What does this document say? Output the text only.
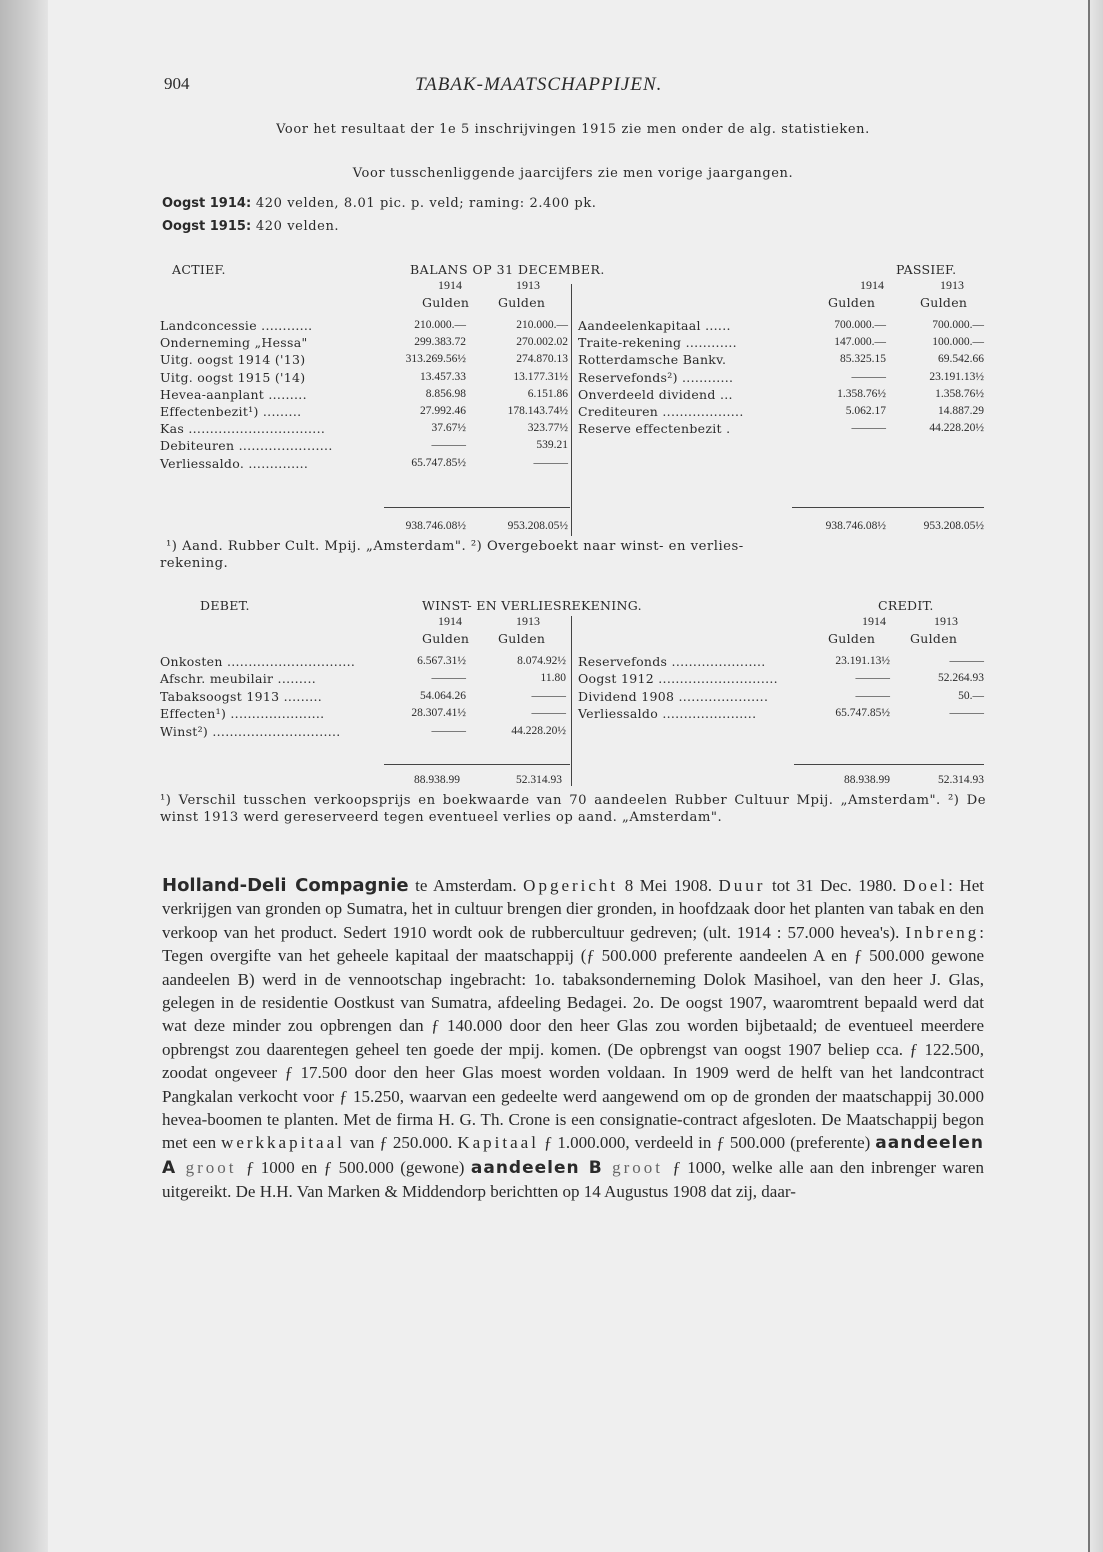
904	TABAK-MAATSCHAPPIJEN.
Voor het resultaat der 1e 5 inschrijvingen 1915 zie men onder de alg. statistieken.
Voor tusschenliggende jaarcijfers zie men vorige jaargangen.
Oogst 1914: 420 velden, 8.01 pic. p. veld; raming: 2.400 pk.
Oogst 1915: 420 velden.
ACTIEF.	BALANS OP 31 DECEMBER.	PASSIEF.
1914	1913
Gulden Gulden
1914	1913
Gulden	Gulden
Landconcessie ............	210.000.—	210.000.—
Onderneming „Hessa"	299.383.72	270.002.02
Uitg. oogst 1914 ('13)	313.269.56½	274.870.13
Uitg. oogst 1915 ('14)	13.457.33	13.177.31½
Hevea-aanplant .........	8.856.98	6.151.86
Effectenbezit¹) .........	27.992.46	178.143.74½
Kas ................................	37.67½	323.77½
Debiteuren ......................	———	539.21
Verliessaldo. ..............	65.747.85½	———
Aandeelenkapitaal ......	700.000.—	700.000.—
Traite-rekening ............	147.000.—	100.000.—
Rotterdamsche Bankv.	85.325.15	69.542.66
Reservefonds²) ............	———	23.191.13½
Onverdeeld dividend ...	1.358.76½	1.358.76½
Crediteuren ...................	5.062.17	14.887.29
Reserve effectenbezit .	———	44.228.20½
938.746.08½	953.208.05½	938.746.08½	953.208.05½
¹) Aand. Rubber Cult. Mpij. „Amsterdam". ²) Overgeboekt naar winst- en verlies-
rekening.
DEBET.	WINST- EN VERLIESREKENING.	CREDIT.
1914	1913
Gulden Gulden
1914	1913
Gulden	Gulden
Onkosten ..............................	6.567.31½	8.074.92½
Afschr. meubilair .........	———	11.80
Tabaksoogst 1913 .........	54.064.26	———
Effecten¹) ......................	28.307.41½	———
Winst²) ..............................	———	44.228.20½
Reservefonds ......................	23.191.13½	———
Oogst 1912 ............................	———	52.264.93
Dividend 1908 .....................	———	50.—
Verliessaldo ......................	65.747.85½	———
88.938.99	52.314.93	88.938.99	52.314.93
¹) Verschil tusschen verkoopsprijs en boekwaarde van 70 aandeelen Rubber Cultuur Mpij. „Amsterdam". ²) De winst 1913 werd gereserveerd tegen eventueel verlies op aand. „Amsterdam".
Holland-Deli Compagnie te Amsterdam. Opgericht 8 Mei 1908. Duur tot 31 Dec. 1980. Doel: Het verkrijgen van gronden op Sumatra, het in cultuur brengen dier gronden, in hoofdzaak door het planten van tabak en den verkoop van het product. Sedert 1910 wordt ook de rubbercultuur gedreven; (ult. 1914 : 57.000 hevea's). Inbreng: Tegen overgifte van het geheele kapitaal der maatschappij (ƒ 500.000 preferente aandeelen A en ƒ 500.000 gewone aandeelen B) werd in de vennootschap ingebracht: 1o. tabaksonderneming Dolok Masihoel, van den heer J. Glas, gelegen in de residentie Oostkust van Sumatra, afdeeling Bedagei. 2o. De oogst 1907, waaromtrent bepaald werd dat wat deze minder zou opbrengen dan ƒ 140.000 door den heer Glas zou worden bijbetaald; de eventueel meerdere opbrengst zou daarentegen geheel ten goede der mpij. komen. (De opbrengst van oogst 1907 beliep cca. ƒ 122.500, zoodat ongeveer ƒ 17.500 door den heer Glas moest worden voldaan. In 1909 werd de helft van het landcontract Pangkalan verkocht voor ƒ 15.250, waarvan een gedeelte werd aangewend om op de gronden der maatschappij 30.000 hevea-boomen te planten. Met de firma H. G. Th. Crone is een consignatie-contract afgesloten. De Maatschappij begon met een werkkapitaal van ƒ 250.000. Kapitaal ƒ 1.000.000, verdeeld in ƒ 500.000 (preferente) aandeelen A groot ƒ 1000 en ƒ 500.000 (gewone) aandeelen B groot ƒ 1000, welke alle aan den inbrenger waren uitgereikt. De H.H. Van Marken & Middendorp berichtten op 14 Augustus 1908 dat zij, daar-
